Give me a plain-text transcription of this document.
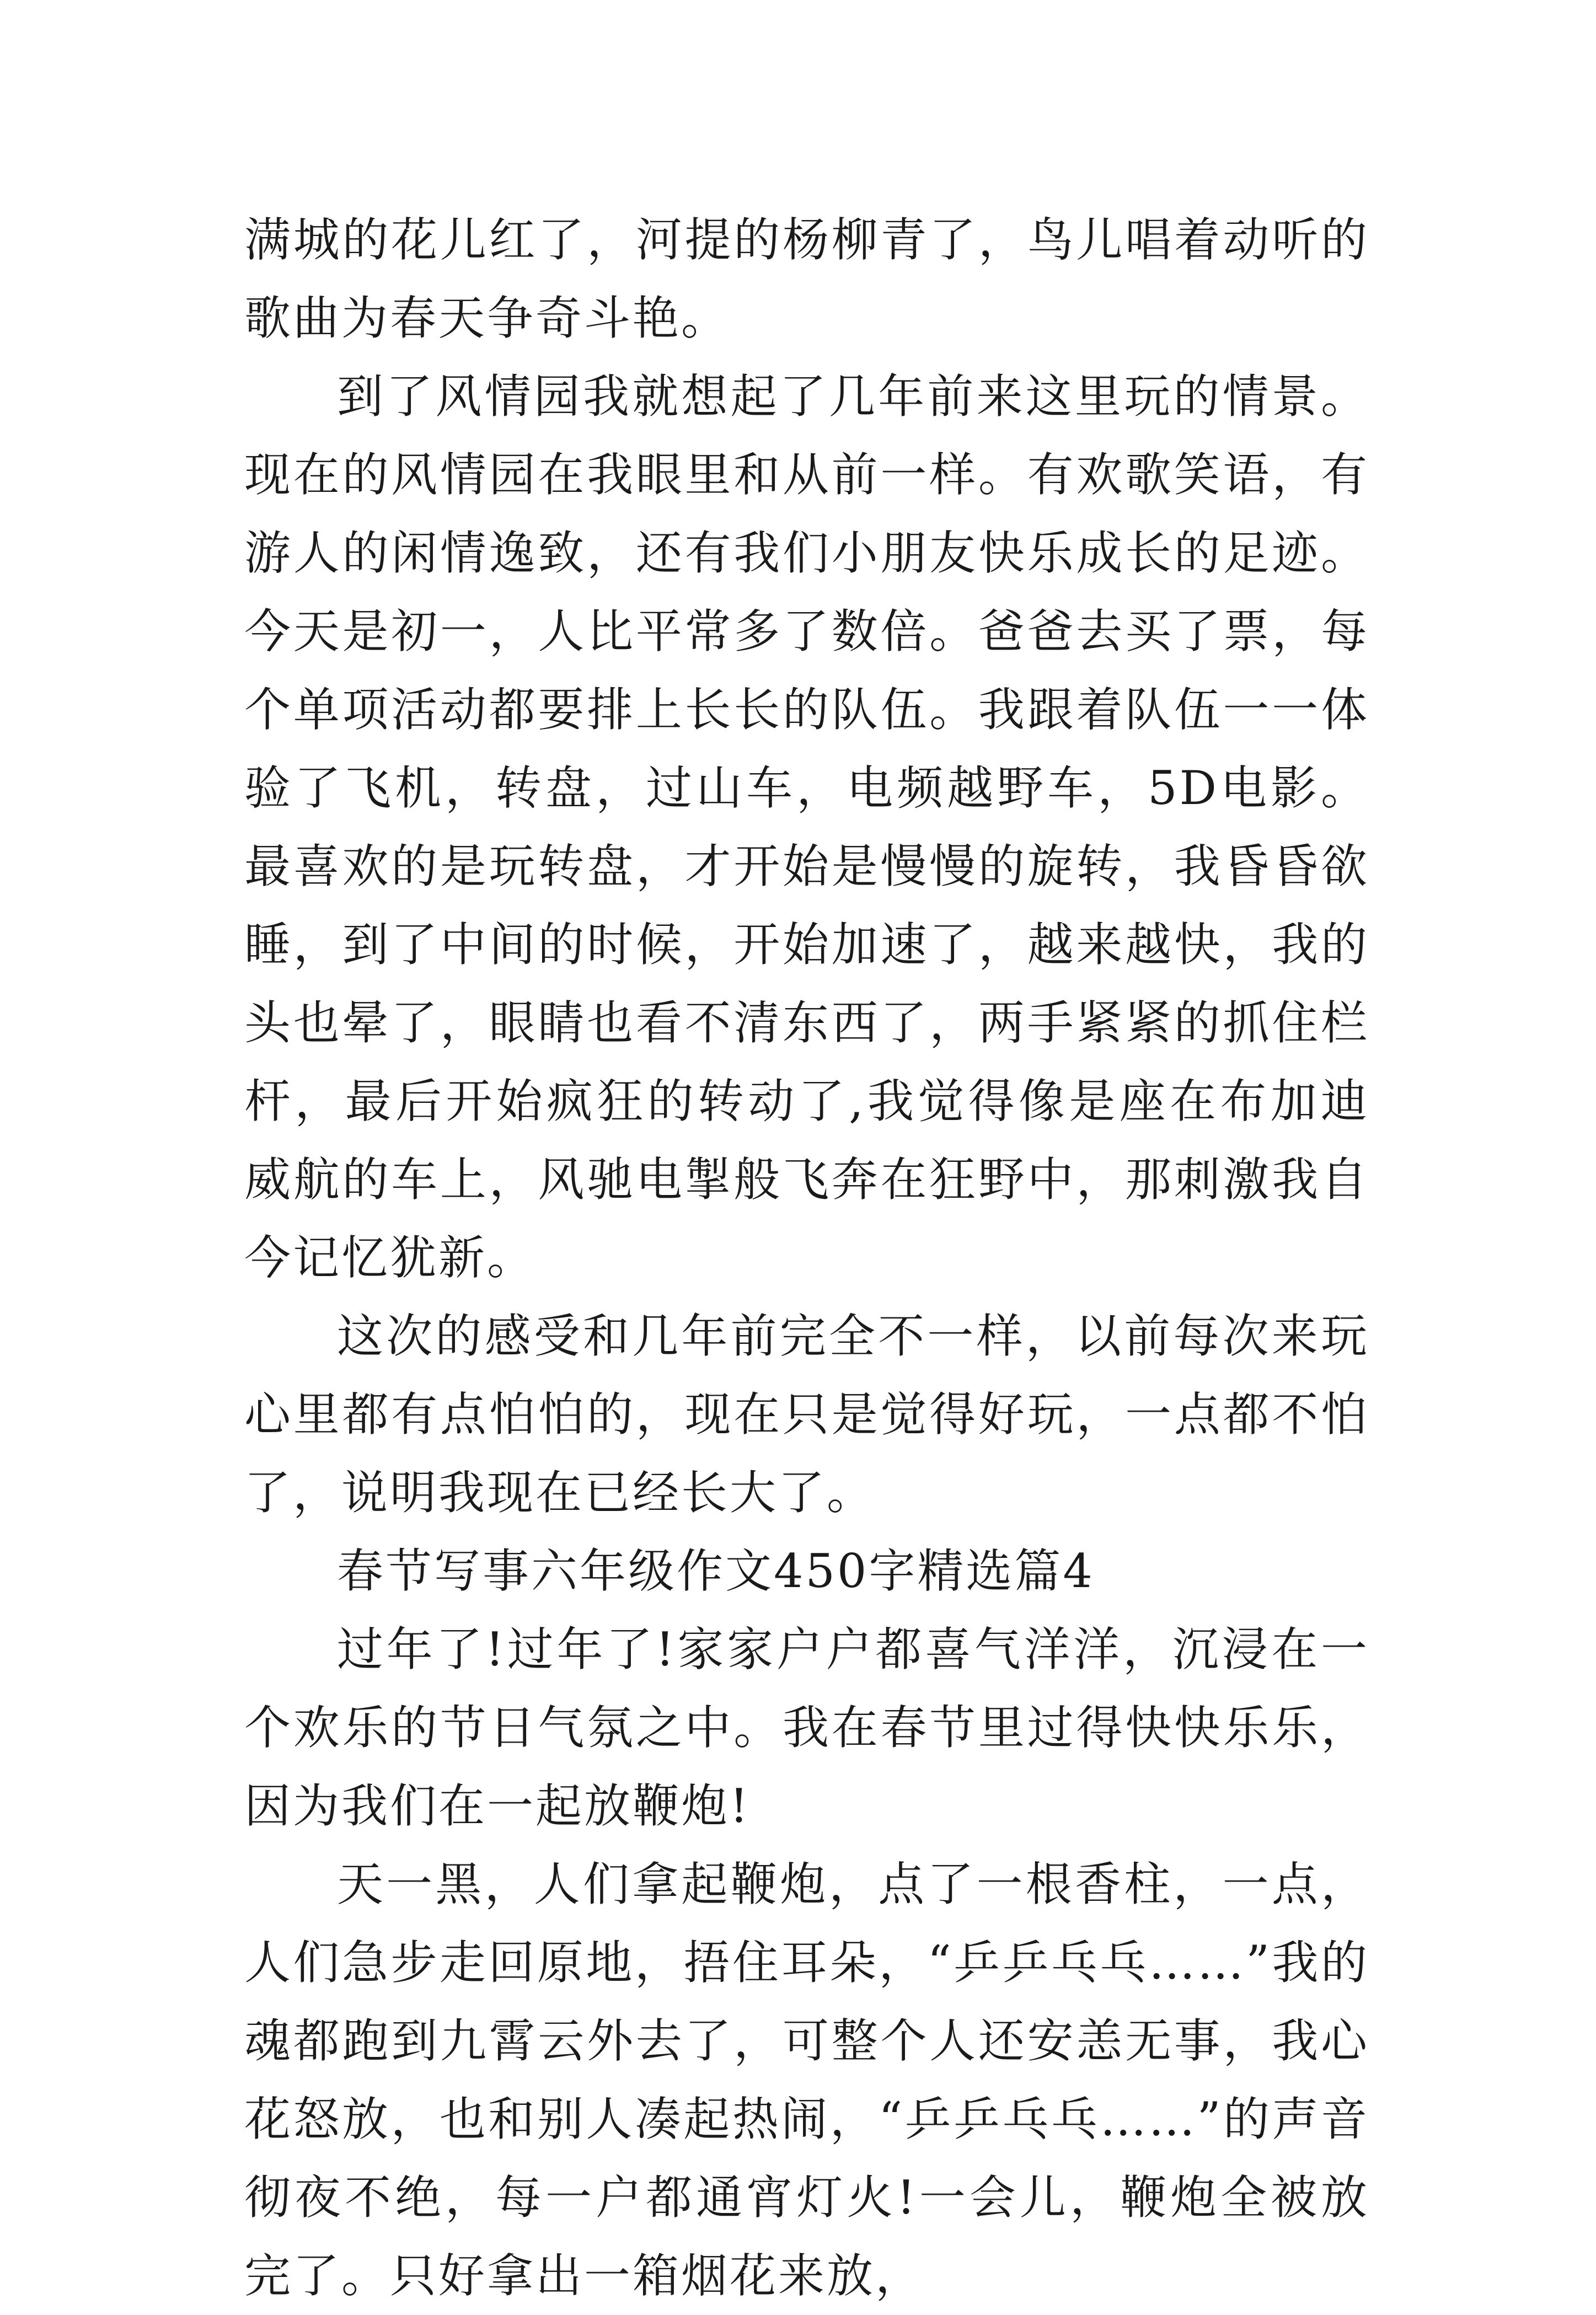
满城的花儿红了，河提的杨柳青了，鸟儿唱着动听的歌曲为春天争奇斗艳。

到了风情园我就想起了几年前来这里玩的情景。现在的风情园在我眼里和从前一样。有欢歌笑语，有游人的闲情逸致，还有我们小朋友快乐成长的足迹。今天是初一，人比平常多了数倍。爸爸去买了票，每个单项活动都要排上长长的队伍。我跟着队伍一一体验了飞机，转盘，过山车，电频越野车，5D电影。最喜欢的是玩转盘，才开始是慢慢的旋转，我昏昏欲睡，到了中间的时候，开始加速了，越来越快，我的头也晕了，眼睛也看不清东西了，两手紧紧的抓住栏杆，最后开始疯狂的转动了,我觉得像是座在布加迪威航的车上，风驰电掣般飞奔在狂野中，那刺激我自今记忆犹新。

这次的感受和几年前完全不一样，以前每次来玩心里都有点怕怕的，现在只是觉得好玩，一点都不怕了，说明我现在已经长大了。

春节写事六年级作文450字精选篇4

过年了!过年了!家家户户都喜气洋洋，沉浸在一个欢乐的节日气氛之中。我在春节里过得快快乐乐，因为我们在一起放鞭炮!

天一黑，人们拿起鞭炮，点了一根香柱，一点，人们急步走回原地，捂住耳朵，“乒乒乓乓……”我的魂都跑到九霄云外去了，可整个人还安恙无事，我心花怒放，也和别人凑起热闹，“乒乒乓乓……”的声音彻夜不绝，每一户都通宵灯火!一会儿，鞭炮全被放完了。只好拿出一箱烟花来放，
